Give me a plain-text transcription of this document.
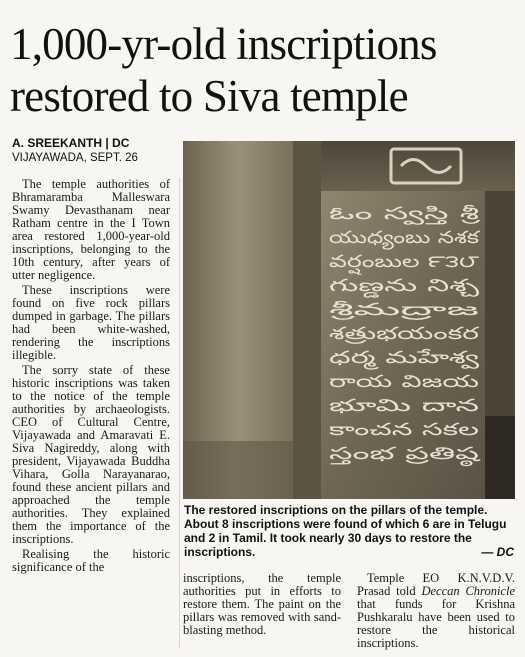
1,000-yr-old inscriptions
restored to Siva temple
A. SREEKANTH | DC
VIJAYAWADA, SEPT. 26

The temple authorities of Bhramaramba Malleswara Swamy Devasthanam near Ratham centre in the I Town area restored 1,000-year-old inscriptions, belonging to the 10th century, after years of utter negligence.

These inscriptions were found on five rock pillars dumped in garbage. The pillars had been white-washed, rendering the inscriptions illegible.

The sorry state of these historic inscriptions was taken to the notice of the temple authorities by archaeologists. CEO of Cultural Centre, Vijayawada and Amaravati E. Siva Nagireddy, along with president, Vijayawada Buddha Vihara, Golla Narayanarao, found these ancient pillars and approached the temple authorities. They explained them the importance of the inscriptions.

Realising the historic significance of the

ఓం స్వస్తి శ్రీ
యుధ్యంబు నశక
వర్షంబుల ౯౩౮
గుణ్డను నిశ్చ
శ్రీమద్రాజ
శత్రుభయంకర
ధర్మ మహేశ్వ
రాయ విజయ
భూమి దాన
కాంచన సకల
స్తంభ ప్రతిష్ఠ
The restored inscriptions on the pillars of the temple. About 8 inscriptions were found of which 6 are in Telugu and 2 in Tamil. It took nearly 30 days to restore the inscriptions.	— DC

inscriptions, the temple authorities put in efforts to restore them. The paint on the pillars was removed with sand-blasting method.

Temple EO K.N.V.D.V. Prasad told Deccan Chronicle that funds for Krishna Pushkaralu have been used to restore the historical inscriptions.
